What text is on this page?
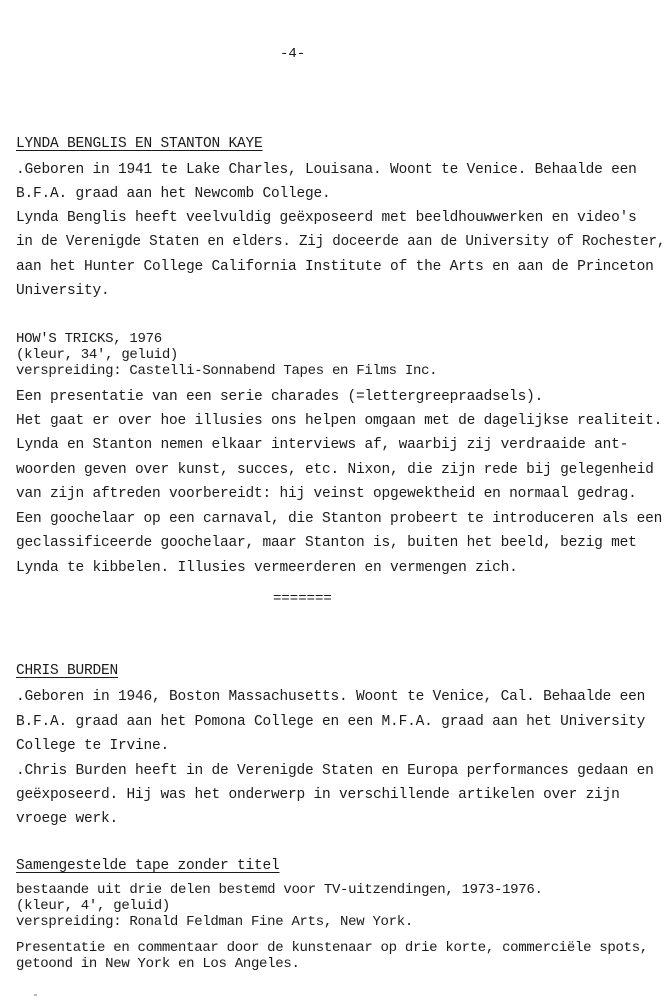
-4-
LYNDA BENGLIS EN STANTON KAYE
.Geboren in 1941 te Lake Charles, Louisana. Woont te Venice. Behaalde een
B.F.A. graad aan het Newcomb College.
Lynda Benglis heeft veelvuldig geëxposeerd met beeldhouwwerken en video's
in de Verenigde Staten en elders. Zij doceerde aan de University of Rochester,
aan het Hunter College California Institute of the Arts en aan de Princeton
University.
HOW'S TRICKS, 1976
(kleur, 34', geluid)
verspreiding: Castelli-Sonnabend Tapes en Films Inc.
Een presentatie van een serie charades (=lettergreepraadsels).
Het gaat er over hoe illusies ons helpen omgaan met de dagelijkse realiteit.
Lynda en Stanton nemen elkaar interviews af, waarbij zij verdraaide ant-
woorden geven over kunst, succes, etc. Nixon, die zijn rede bij gelegenheid
van zijn aftreden voorbereidt: hij veinst opgewektheid en normaal gedrag.
Een goochelaar op een carnaval, die Stanton probeert te introduceren als een
geclassificeerde goochelaar, maar Stanton is, buiten het beeld, bezig met
Lynda te kibbelen. Illusies vermeerderen en vermengen zich.
=======
CHRIS BURDEN
.Geboren in 1946, Boston Massachusetts. Woont te Venice, Cal. Behaalde een
B.F.A. graad aan het Pomona College en een M.F.A. graad aan het University
College te Irvine.
.Chris Burden heeft in de Verenigde Staten en Europa performances gedaan en
geëxposeerd. Hij was het onderwerp in verschillende artikelen over zijn
vroege werk.
Samengestelde tape zonder titel
bestaande uit drie delen bestemd voor TV-uitzendingen, 1973-1976.
(kleur, 4', geluid)
verspreiding: Ronald Feldman Fine Arts, New York.
Presentatie en commentaar door de kunstenaar op drie korte, commerciële spots,
getoond in New York en Los Angeles.
